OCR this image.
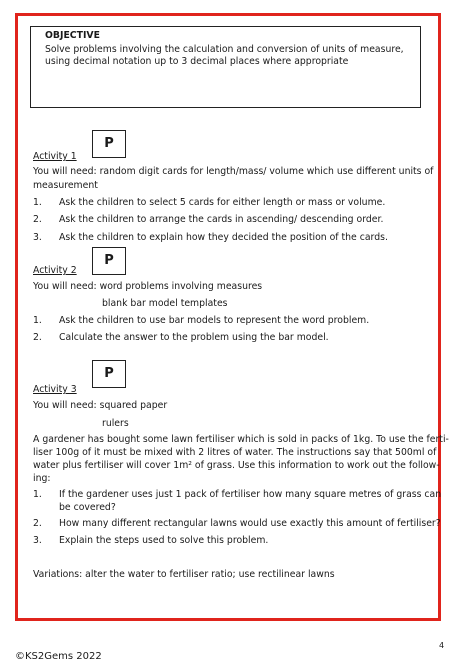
OBJECTIVE

Solve problems involving the calculation and conversion of units of measure, using decimal notation up to 3 decimal places where appropriate

P
Activity 1
You will need: random digit cards for length/mass/ volume which use different units of
measurement
1. Ask the children to select 5 cards for either length or mass or volume.
2. Ask the children to arrange the cards in ascending/ descending order.
3. Ask the children to explain how they decided the position of the cards.
P
Activity 2
You will need: word problems involving measures
blank bar model templates
1. Ask the children to use bar models to represent the word problem.
2. Calculate the answer to the problem using the bar model.
P
Activity 3
You will need: squared paper
rulers
A gardener has bought some lawn fertiliser which is sold in packs of 1kg. To use the ferti-
liser 100g of it must be mixed with 2 litres of water. The instructions say that 500ml of
water plus fertiliser will cover 1m² of grass. Use this information to work out the follow-
ing:
1. If the gardener uses just 1 pack of fertiliser how many square metres of grass can
be covered?
2. How many different rectangular lawns would use exactly this amount of fertiliser?
3. Explain the steps used to solve this problem.
Variations: alter the water to fertiliser ratio; use rectilinear lawns
©KS2Gems 2022
4
